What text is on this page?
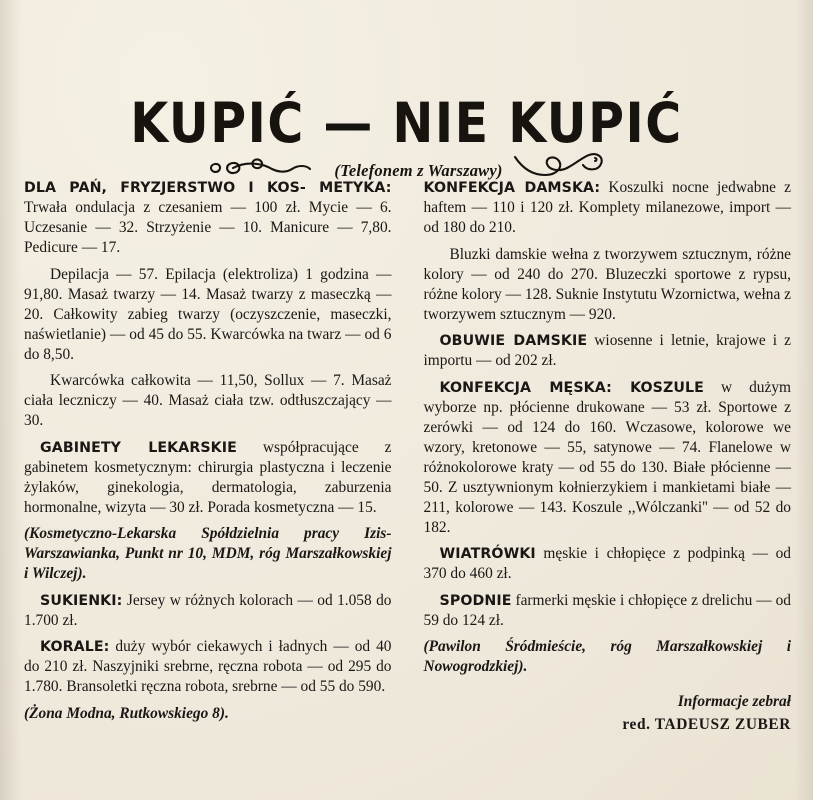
KUPIĆ — NIE KUPIĆ
(Telefonem z Warszawy)

DLA PAŃ, FRYZJERSTWO I KOS- METYKA: Trwała ondulacja z czesaniem — 100 zł. Mycie — 6. Uczesanie — 32. Strzyżenie — 10. Manicure — 7,80. Pedicure — 17.

Depilacja — 57. Epilacja (elektroliza) 1 godzina — 91,80. Masaż twarzy — 14. Masaż twarzy z maseczką — 20. Całkowity zabieg twarzy (oczyszczenie, maseczki, naświetlanie) — od 45 do 55. Kwarcówka na twarz — od 6 do 8,50.

Kwarcówka całkowita — 11,50, Sollux — 7. Masaż ciała leczniczy — 40. Masaż ciała tzw. odtłuszczający — 30.

GABINETY LEKARSKIE współpracujące z gabinetem kosmetycznym: chirurgia plastyczna i leczenie żylaków, ginekologia, dermatologia, zaburzenia hormonalne, wizyta — 30 zł. Porada kosmetyczna — 15.

(Kosmetyczno-Lekarska Spółdzielnia pracy Izis-Warszawianka, Punkt nr 10, MDM, róg Marszałkowskiej i Wilczej).

SUKIENKI: Jersey w różnych kolorach — od 1.058 do 1.700 zł.

KORALE: duży wybór ciekawych i ładnych — od 40 do 210 zł. Naszyjniki srebrne, ręczna robota — od 295 do 1.780. Bransoletki ręczna robota, srebrne — od 55 do 590.

(Żona Modna, Rutkowskiego 8).

KONFEKCJA DAMSKA: Koszulki nocne jedwabne z haftem — 110 i 120 zł. Komplety milanezowe, import — od 180 do 210.

Bluzki damskie wełna z tworzywem sztucznym, różne kolory — od 240 do 270. Bluzeczki sportowe z rypsu, różne kolory — 128. Suknie Instytutu Wzornictwa, wełna z tworzywem sztucznym — 920.

OBUWIE DAMSKIE wiosenne i letnie, krajowe i z importu — od 202 zł.

KONFEKCJA MĘSKA: KOSZULE w dużym wyborze np. płócienne drukowane — 53 zł. Sportowe z zerówki — od 124 do 160. Wczasowe, kolorowe we wzory, kretonowe — 55, satynowe — 74. Flanelowe w różnokolorowe kraty — od 55 do 130. Białe płócienne — 50. Z usztywnionym kołnierzykiem i mankietami białe — 211, kolorowe — 143. Koszule ,,Wólczanki'' — od 52 do 182.

WIATRÓWKI męskie i chłopięce z podpinką — od 370 do 460 zł.

SPODNIE farmerki męskie i chłopięce z drelichu — od 59 do 124 zł.

(Pawilon Śródmieście, róg Marszałkowskiej i Nowogrodzkiej).

Informacje zebrał
red. TADEUSZ ZUBER
